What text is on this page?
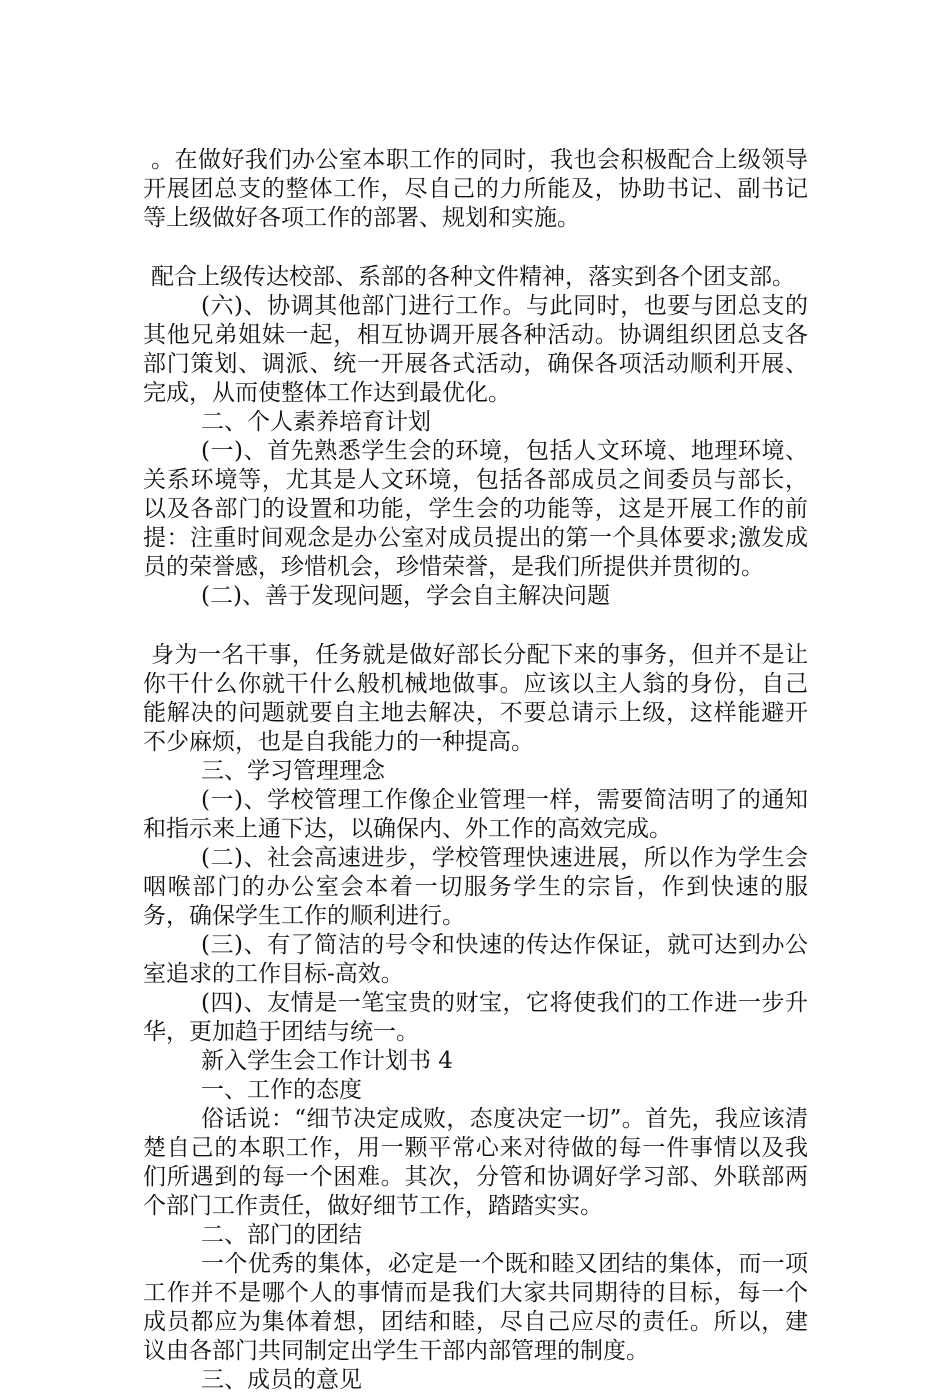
。在做好我们办公室本职工作的同时，我也会积极配合上级领导开展团总支的整体工作，尽自己的力所能及，协助书记、副书记等上级做好各项工作的部署、规划和实施。

配合上级传达校部、系部的各种文件精神，落实到各个团支部。

(六)、协调其他部门进行工作。与此同时，也要与团总支的其他兄弟姐妹一起，相互协调开展各种活动。协调组织团总支各部门策划、调派、统一开展各式活动，确保各项活动顺利开展、完成，从而使整体工作达到最优化。

二、个人素养培育计划

(一)、首先熟悉学生会的环境，包括人文环境、地理环境、关系环境等，尤其是人文环境，包括各部成员之间委员与部长，以及各部门的设置和功能，学生会的功能等，这是开展工作的前提：注重时间观念是办公室对成员提出的第一个具体要求;激发成员的荣誉感，珍惜机会，珍惜荣誉，是我们所提供并贯彻的。

(二)、善于发现问题，学会自主解决问题

身为一名干事，任务就是做好部长分配下来的事务，但并不是让你干什么你就干什么般机械地做事。应该以主人翁的身份，自己能解决的问题就要自主地去解决，不要总请示上级，这样能避开不少麻烦，也是自我能力的一种提高。

三、学习管理理念

(一)、学校管理工作像企业管理一样，需要简洁明了的通知和指示来上通下达，以确保内、外工作的高效完成。

(二)、社会高速进步，学校管理快速进展，所以作为学生会咽喉部门的办公室会本着一切服务学生的宗旨，作到快速的服务，确保学生工作的顺利进行。

(三)、有了简洁的号令和快速的传达作保证，就可达到办公室追求的工作目标-高效。

(四)、友情是一笔宝贵的财宝，它将使我们的工作进一步升华，更加趋于团结与统一。

新入学生会工作计划书 4

一、工作的态度

俗话说：“细节决定成败，态度决定一切”。首先，我应该清楚自己的本职工作，用一颗平常心来对待做的每一件事情以及我们所遇到的每一个困难。其次，分管和协调好学习部、外联部两个部门工作责任，做好细节工作，踏踏实实。

二、部门的团结

一个优秀的集体，必定是一个既和睦又团结的集体，而一项工作并不是哪个人的事情而是我们大家共同期待的目标，每一个成员都应为集体着想，团结和睦，尽自己应尽的责任。所以，建议由各部门共同制定出学生干部内部管理的制度。

三、成员的意见
